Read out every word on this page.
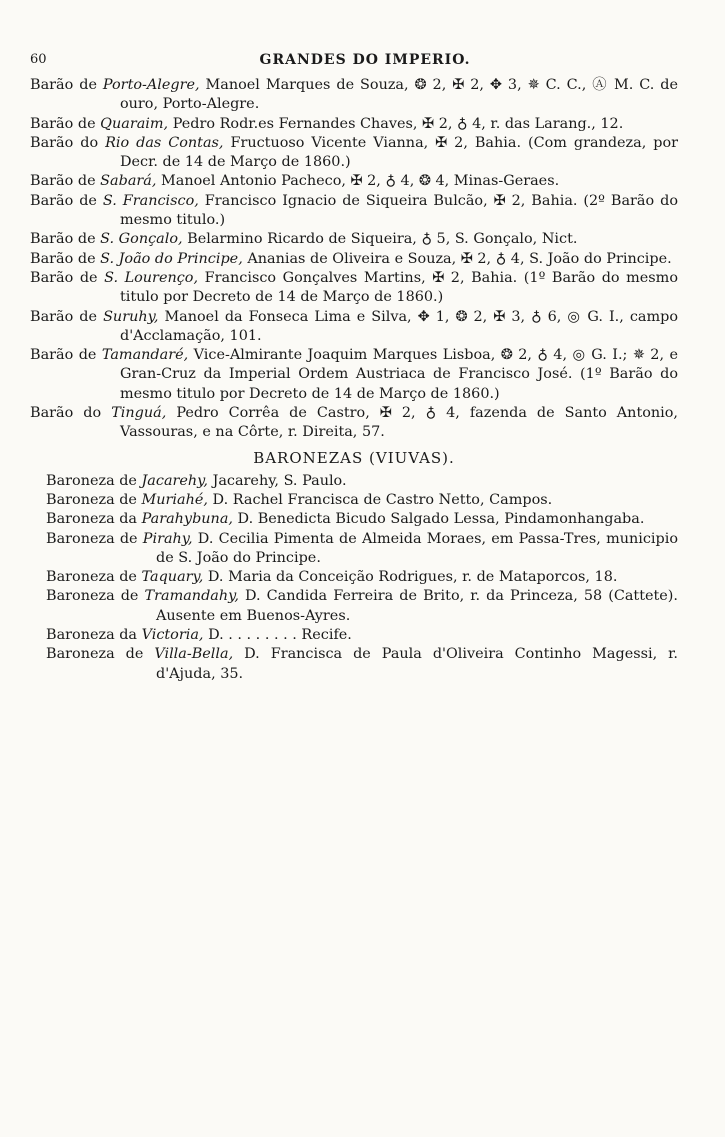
60	GRANDES DO IMPERIO.
Barão de Porto-Alegre, Manoel Marques de Souza, ❂ 2, ✠ 2, ✥ 3, ✵ C. C., Ⓐ M. C. de ouro, Porto-Alegre.
Barão de Quaraim, Pedro Rodr.es Fernandes Chaves, ✠ 2, ♁ 4, r. das Larang., 12.
Barão do Rio das Contas, Fructuoso Vicente Vianna, ✠ 2, Bahia. (Com grandeza, por Decr. de 14 de Março de 1860.)
Barão de Sabará, Manoel Antonio Pacheco, ✠ 2, ♁ 4, ❂ 4, Minas-Geraes.
Barão de S. Francisco, Francisco Ignacio de Siqueira Bulcão, ✠ 2, Bahia. (2º Barão do mesmo titulo.)
Barão de S. Gonçalo, Belarmino Ricardo de Siqueira, ♁ 5, S. Gonçalo, Nict.
Barão de S. João do Principe, Ananias de Oliveira e Souza, ✠ 2, ♁ 4, S. João do Principe.
Barão de S. Lourenço, Francisco Gonçalves Martins, ✠ 2, Bahia. (1º Barão do mesmo titulo por Decreto de 14 de Março de 1860.)
Barão de Suruhy, Manoel da Fonseca Lima e Silva, ✥ 1, ❂ 2, ✠ 3, ♁ 6, ◎ G. I., campo d'Acclamação, 101.
Barão de Tamandaré, Vice-Almirante Joaquim Marques Lisboa, ❂ 2, ♁ 4, ◎ G. I.; ✵ 2, e Gran-Cruz da Imperial Ordem Austriaca de Francisco José. (1º Barão do mesmo titulo por Decreto de 14 de Março de 1860.)
Barão do Tinguá, Pedro Corrêa de Castro, ✠ 2, ♁ 4, fazenda de Santo Antonio, Vassouras, e na Côrte, r. Direita, 57.
BARONEZAS (VIUVAS).
Baroneza de Jacarehy, Jacarehy, S. Paulo.
Baroneza de Muriahé, D. Rachel Francisca de Castro Netto, Campos.
Baroneza da Parahybuna, D. Benedicta Bicudo Salgado Lessa, Pindamonhangaba.
Baroneza de Pirahy, D. Cecilia Pimenta de Almeida Moraes, em Passa-Tres, municipio de S. João do Principe.
Baroneza de Taquary, D. Maria da Conceição Rodrigues, r. de Mataporcos, 18.
Baroneza de Tramandahy, D. Candida Ferreira de Brito, r. da Princeza, 58 (Cattete). Ausente em Buenos-Ayres.
Baroneza da Victoria, D. . . . . . . . . Recife.
Baroneza de Villa-Bella, D. Francisca de Paula d'Oliveira Continho Magessi, r. d'Ajuda, 35.
